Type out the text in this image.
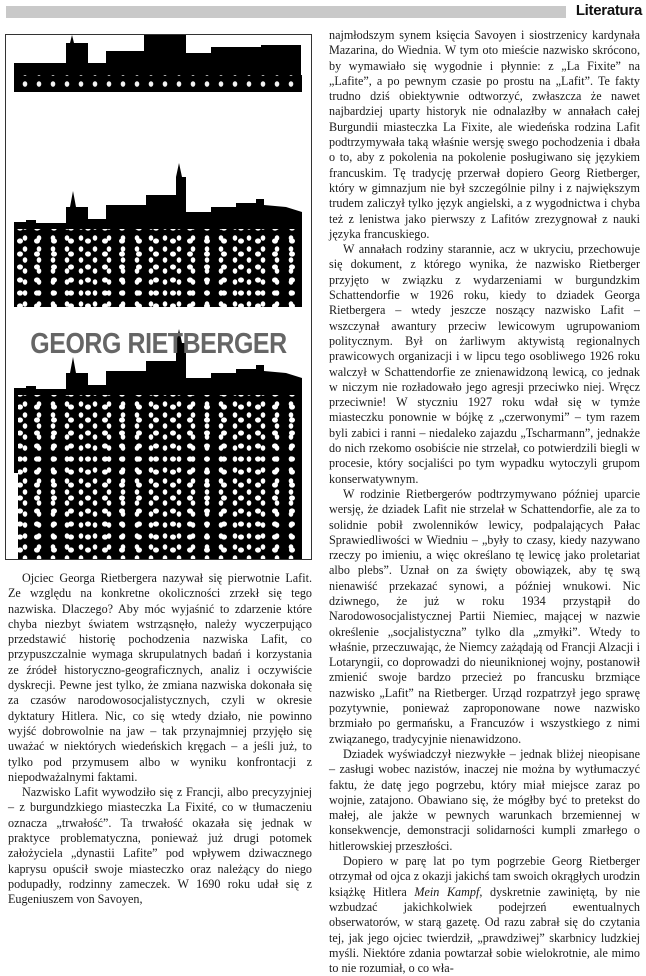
Literatura
GEORG RIETBERGER

Ojciec Georga Rietbergera nazywał się pierwotnie Lafit. Ze względu na konkretne okoliczności zrzekł się tego nazwiska. Dlaczego? Aby móc wyjaśnić to zdarzenie które chyba niezbyt światem wstrząsnęło, należy wyczerpująco przedstawić historię pochodzenia nazwiska Lafit, co przypuszczalnie wymaga skrupulatnych badań i korzystania ze źródeł historyczno-geograficznych, analiz i oczywiście dyskrecji. Pewne jest tylko, że zmiana nazwiska dokonała się za czasów narodowosocjalistycznych, czyli w okresie dyktatury Hitlera. Nic, co się wtedy działo, nie powinno wyjść dobrowolnie na jaw – tak przynajmniej przyjęło się uważać w niektórych wiedeńskich kręgach – a jeśli już, to tylko pod przymusem albo w wyniku konfrontacji z niepodważalnymi faktami.

Nazwisko Lafit wywodziło się z Francji, albo precyzyjniej – z burgundzkiego miasteczka La Fixité, co w tłumaczeniu oznacza „trwałość”. Ta trwałość okazała się jednak w praktyce problematyczna, ponieważ już drugi potomek założyciela „dynastii Lafite” pod wpływem dziwacznego kaprysu opuścił swoje miasteczko oraz należący do niego podupadły, rodzinny zameczek. W 1690 roku udał się z Eugeniuszem von Savoyen,

najmłodszym synem księcia Savoyen i siostrzenicy kardynała Mazarina, do Wiednia. W tym oto mieście nazwisko skrócono, by wymawiało się wygodnie i płynnie: z „La Fixite” na „Lafite”, a po pewnym czasie po prostu na „Lafit”. Te fakty trudno dziś obiektywnie odtworzyć, zwłaszcza że nawet najbardziej uparty historyk nie odnalazłby w annałach całej Burgundii miasteczka La Fixite, ale wiedeńska rodzina Lafit podtrzymywała taką właśnie wersję swego pochodzenia i dbała o to, aby z pokolenia na pokolenie posługiwano się językiem francuskim. Tę tradycję przerwał dopiero Georg Rietberger, który w gimnazjum nie był szczególnie pilny i z największym trudem zaliczył tylko język angielski, a z wygodnictwa i chyba też z lenistwa jako pierwszy z Lafitów zrezygnował z nauki języka francuskiego.

W annałach rodziny starannie, acz w ukryciu, przechowuje się dokument, z którego wynika, że nazwisko Rietberger przyjęto w związku z wydarzeniami w burgundzkim Schattendorfie w 1926 roku, kiedy to dziadek Georga Rietbergera – wtedy jeszcze noszący nazwisko Lafit – wszczynał awantury przeciw lewicowym ugrupowaniom politycznym. Był on żarliwym aktywistą regionalnych prawicowych organizacji i w lipcu tego osobliwego 1926 roku walczył w Schattendorfie ze znienawidzoną lewicą, co jednak w niczym nie rozładowało jego agresji przeciwko niej. Wręcz przeciwnie! W styczniu 1927 roku wdał się w tymże miasteczku ponownie w bójkę z „czerwonymi” – tym razem byli zabici i ranni – niedaleko zajazdu „Tscharmann”, jednakże do nich rzekomo osobiście nie strzelał, co potwierdzili biegli w procesie, który socjaliści po tym wypadku wytoczyli grupom konserwatywnym.

W rodzinie Rietbergerów podtrzymywano później uparcie wersję, że dziadek Lafit nie strzelał w Schattendorfie, ale za to solidnie pobił zwolenników lewicy, podpalających Pałac Sprawiedliwości w Wiedniu – „były to czasy, kiedy nazywano rzeczy po imieniu, a więc określano tę lewicę jako proletariat albo plebs”. Uznał on za święty obowiązek, aby tę swą nienawiść przekazać synowi, a później wnukowi. Nic dziwnego, że już w roku 1934 przystąpił do Narodowosocjalistycznej Partii Niemiec, mającej w nazwie określenie „socjalistyczna” tylko dla „zmyłki”. Wtedy to właśnie, przeczuwając, że Niemcy zażądają od Francji Alzacji i Lotaryngii, co doprowadzi do nieuniknionej wojny, postanowił zmienić swoje bardzo przecież po francusku brzmiące nazwisko „Lafit” na Rietberger. Urząd rozpatrzył jego sprawę pozytywnie, ponieważ zaproponowane nowe nazwisko brzmiało po germańsku, a Francuzów i wszystkiego z nimi związanego, tradycyjnie nienawidzono.

Dziadek wyświadczył niezwykłe – jednak bliżej nieopisane – zasługi wobec nazistów, inaczej nie można by wytłumaczyć faktu, że datę jego pogrzebu, który miał miejsce zaraz po wojnie, zatajono. Obawiano się, że mógłby być to pretekst do małej, ale jakże w pewnych warunkach brzemiennej w konsekwencje, demonstracji solidarności kumpli zmarłego o hitlerowskiej przeszłości.

Dopiero w parę lat po tym pogrzebie Georg Rietberger otrzymał od ojca z okazji jakichś tam swoich okrągłych urodzin książkę Hitlera Mein Kampf, dyskretnie zawiniętą, by nie wzbudzać jakichkolwiek podejrzeń ewentualnych obserwatorów, w starą gazetę. Od razu zabrał się do czytania tej, jak jego ojciec twierdził, „prawdziwej” skarbnicy ludzkiej myśli. Niektóre zdania powtarzał sobie wielokrotnie, ale mimo to nie rozumiał, o co wła-
